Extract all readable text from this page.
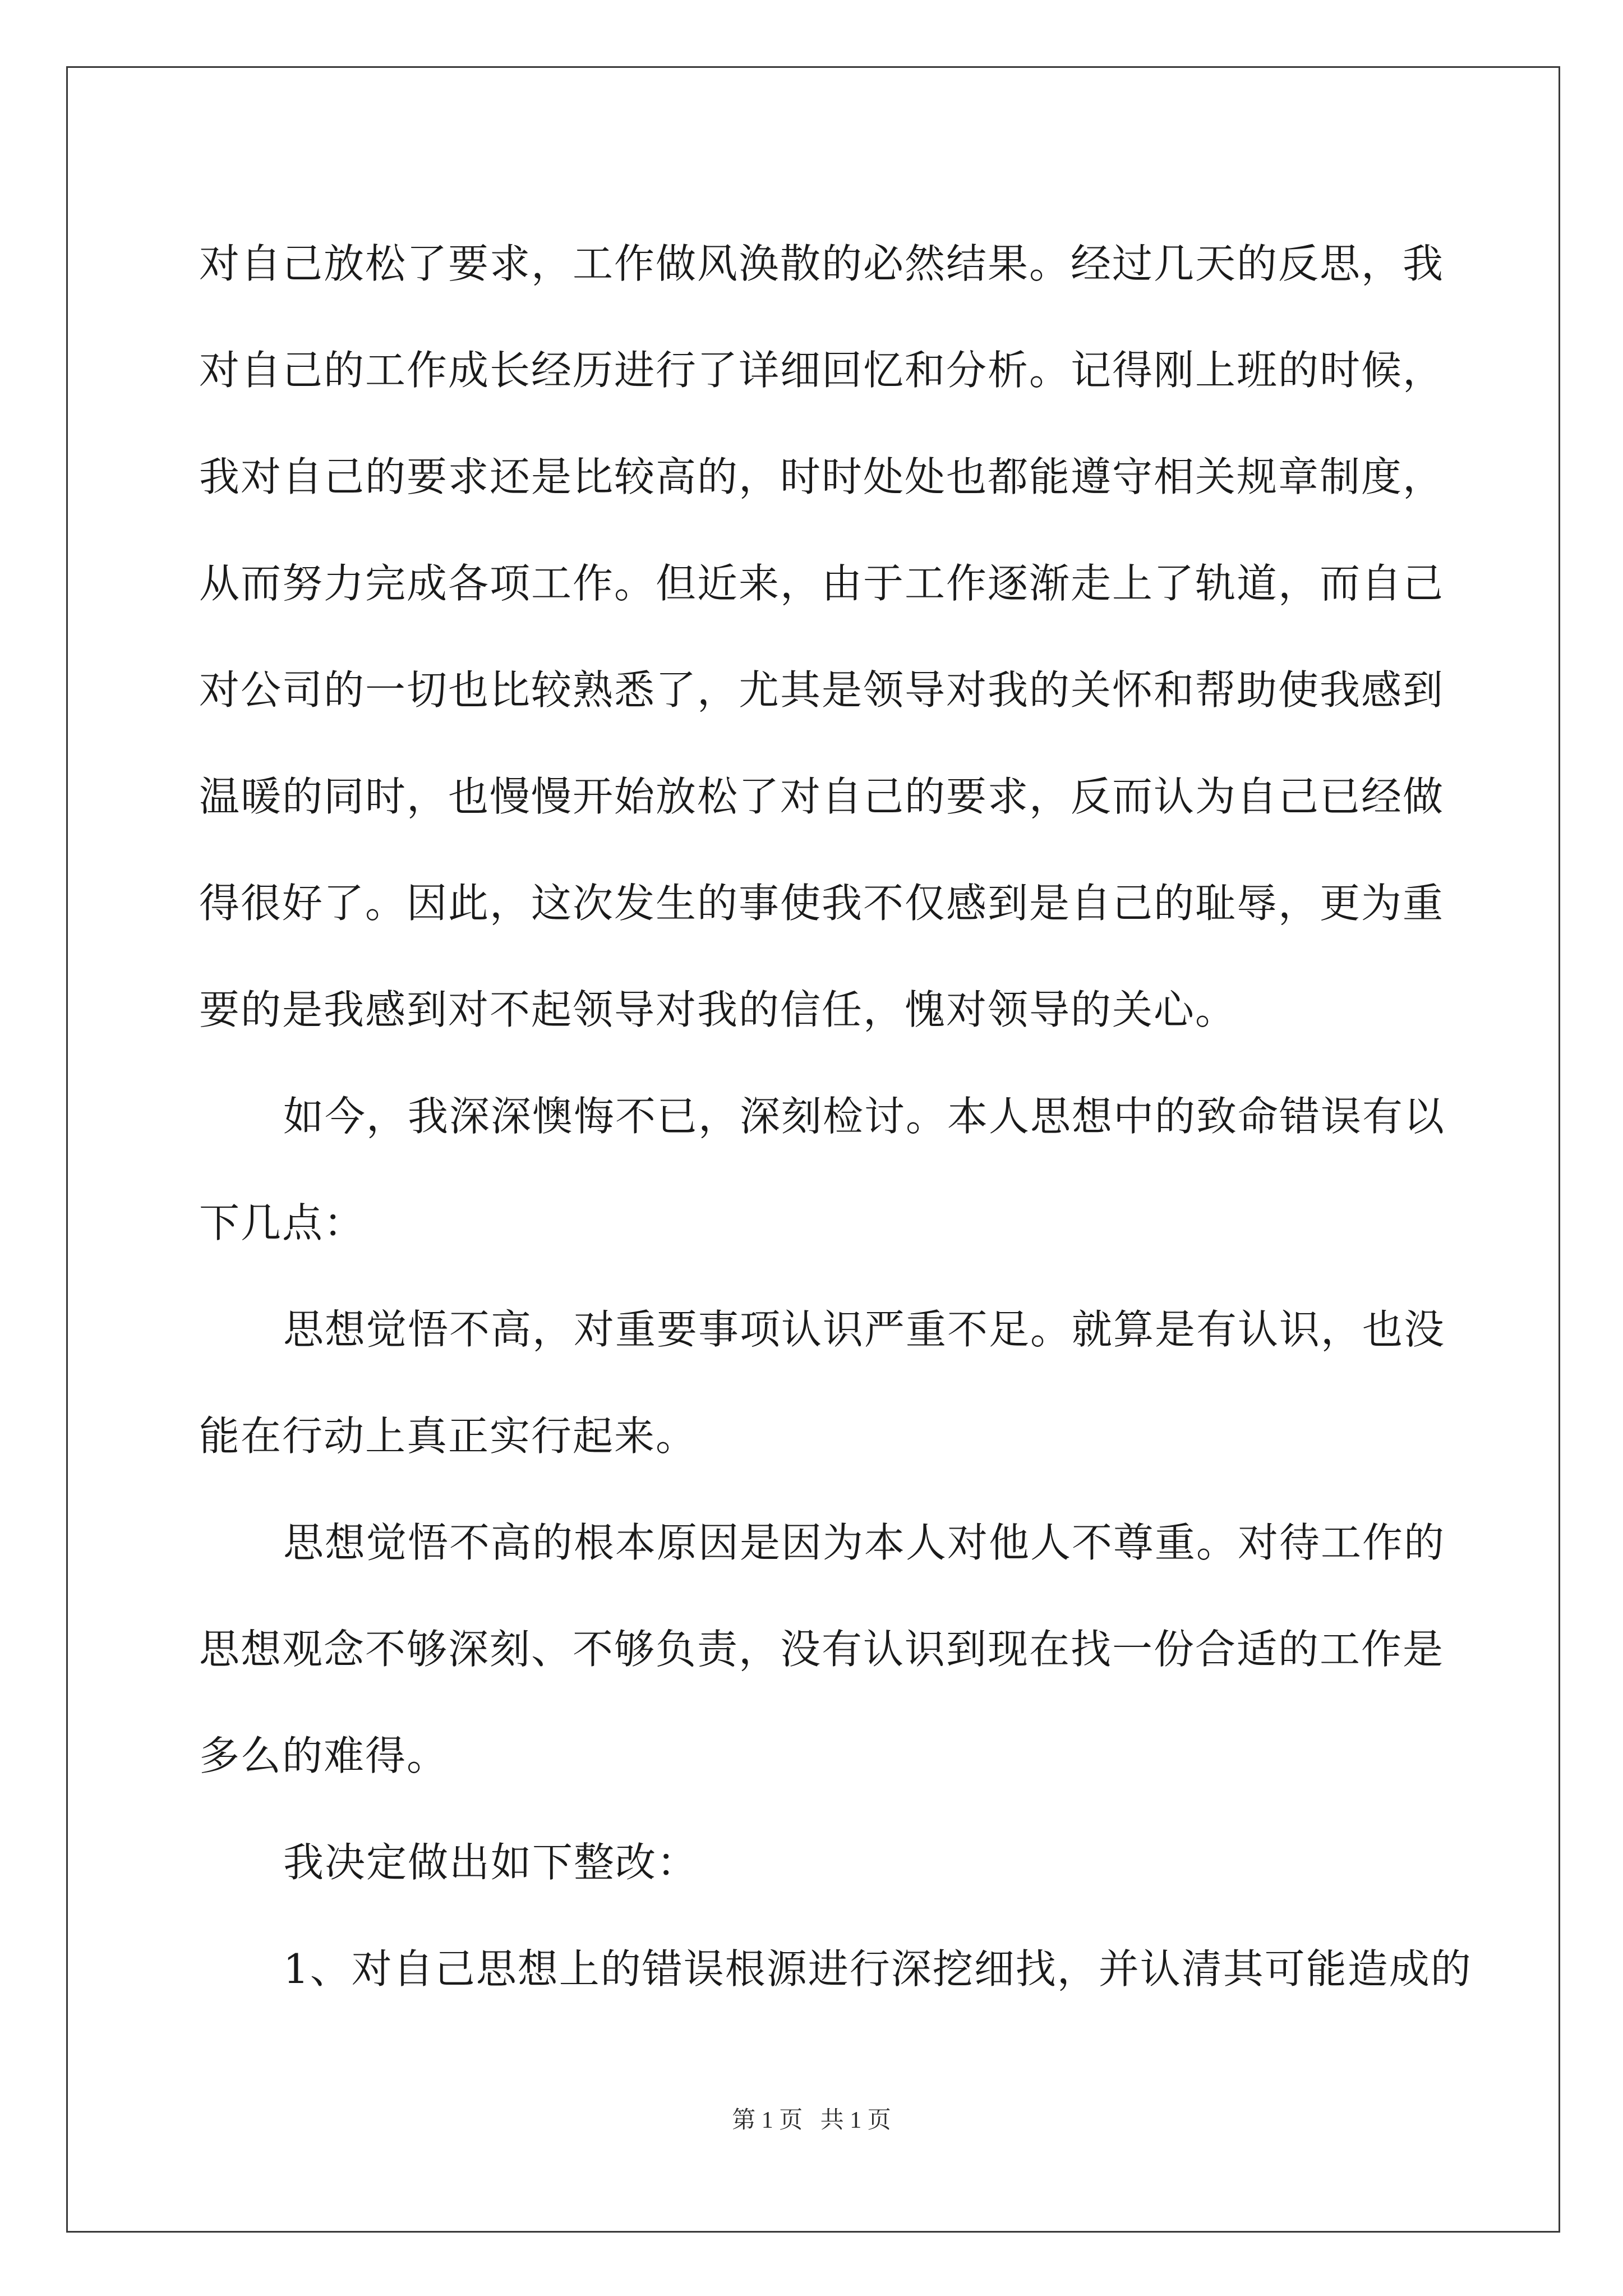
对自己放松了要求，工作做风涣散的必然结果。经过几天的反思，我
对自己的工作成长经历进行了详细回忆和分析。记得刚上班的时候，
我对自己的要求还是比较高的，时时处处也都能遵守相关规章制度，
从而努力完成各项工作。但近来，由于工作逐渐走上了轨道，而自己
对公司的一切也比较熟悉了，尤其是领导对我的关怀和帮助使我感到
温暖的同时，也慢慢开始放松了对自己的要求，反而认为自己已经做
得很好了。因此，这次发生的事使我不仅感到是自己的耻辱，更为重
要的是我感到对不起领导对我的信任，愧对领导的关心。
如今，我深深懊悔不已，深刻检讨。本人思想中的致命错误有以
下几点：
思想觉悟不高，对重要事项认识严重不足。就算是有认识，也没
能在行动上真正实行起来。
思想觉悟不高的根本原因是因为本人对他人不尊重。对待工作的
思想观念不够深刻、不够负责，没有认识到现在找一份合适的工作是
多么的难得。
我决定做出如下整改：
1、对自己思想上的错误根源进行深挖细找，并认清其可能造成的
第 1 页 共 1 页
